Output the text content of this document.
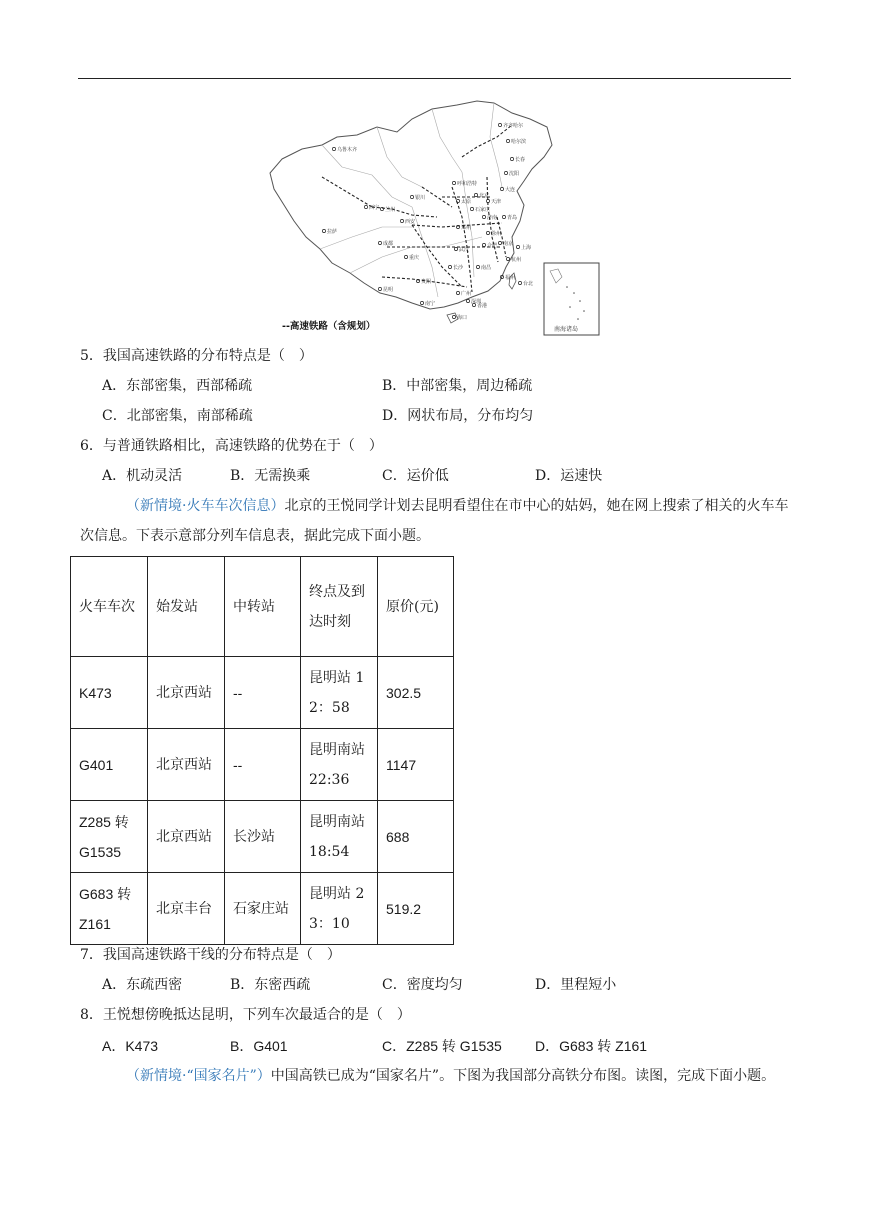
乌鲁木齐
哈尔滨
齐齐哈尔
长春
沈阳
大连
呼和浩特
北京
天津
太原
石家庄
济南 青岛
银川
兰州
西宁
西安
郑州
徐州
南京
上海
杭州
合肥
武汉
拉萨
成都
重庆
长沙	南昌
福州
台北
贵阳
昆明
南宁
广州
深圳
香港
海口
南海诸岛
--高速铁路（含规划）
5．我国高速铁路的分布特点是（　）
A．东部密集，西部稀疏	B．中部密集，周边稀疏
C．北部密集，南部稀疏	D．网状布局，分布均匀
6．与普通铁路相比，高速铁路的优势在于（　）
A．机动灵活	B．无需换乘	C．运价低	D．运速快
（新情境·火车车次信息）北京的王悦同学计划去昆明看望住在市中心的姑妈，她在网上搜索了相关的火车车次信息。下表示意部分列车信息表，据此完成下面小题。
火车车次	始发站	中转站	终点及到达时刻	原价(元)
K473	北京西站	--	昆明站 12：58	302.5
G401	北京西站	--	昆明南站 22:36	1147
Z285 转 G1535	北京西站	长沙站	昆明南站 18:54	688
G683 转 Z161	北京丰台	石家庄站	昆明站 23：10	519.2
7．我国高速铁路干线的分布特点是（　）
A．东疏西密	B．东密西疏	C．密度均匀	D．里程短小
8．王悦想傍晚抵达昆明，下列车次最适合的是（　）
A．K473	B．G401	C．Z285 转 G1535 D．G683 转 Z161
（新情境·“国家名片”）中国高铁已成为“国家名片”。下图为我国部分高铁分布图。读图，完成下面小题。
